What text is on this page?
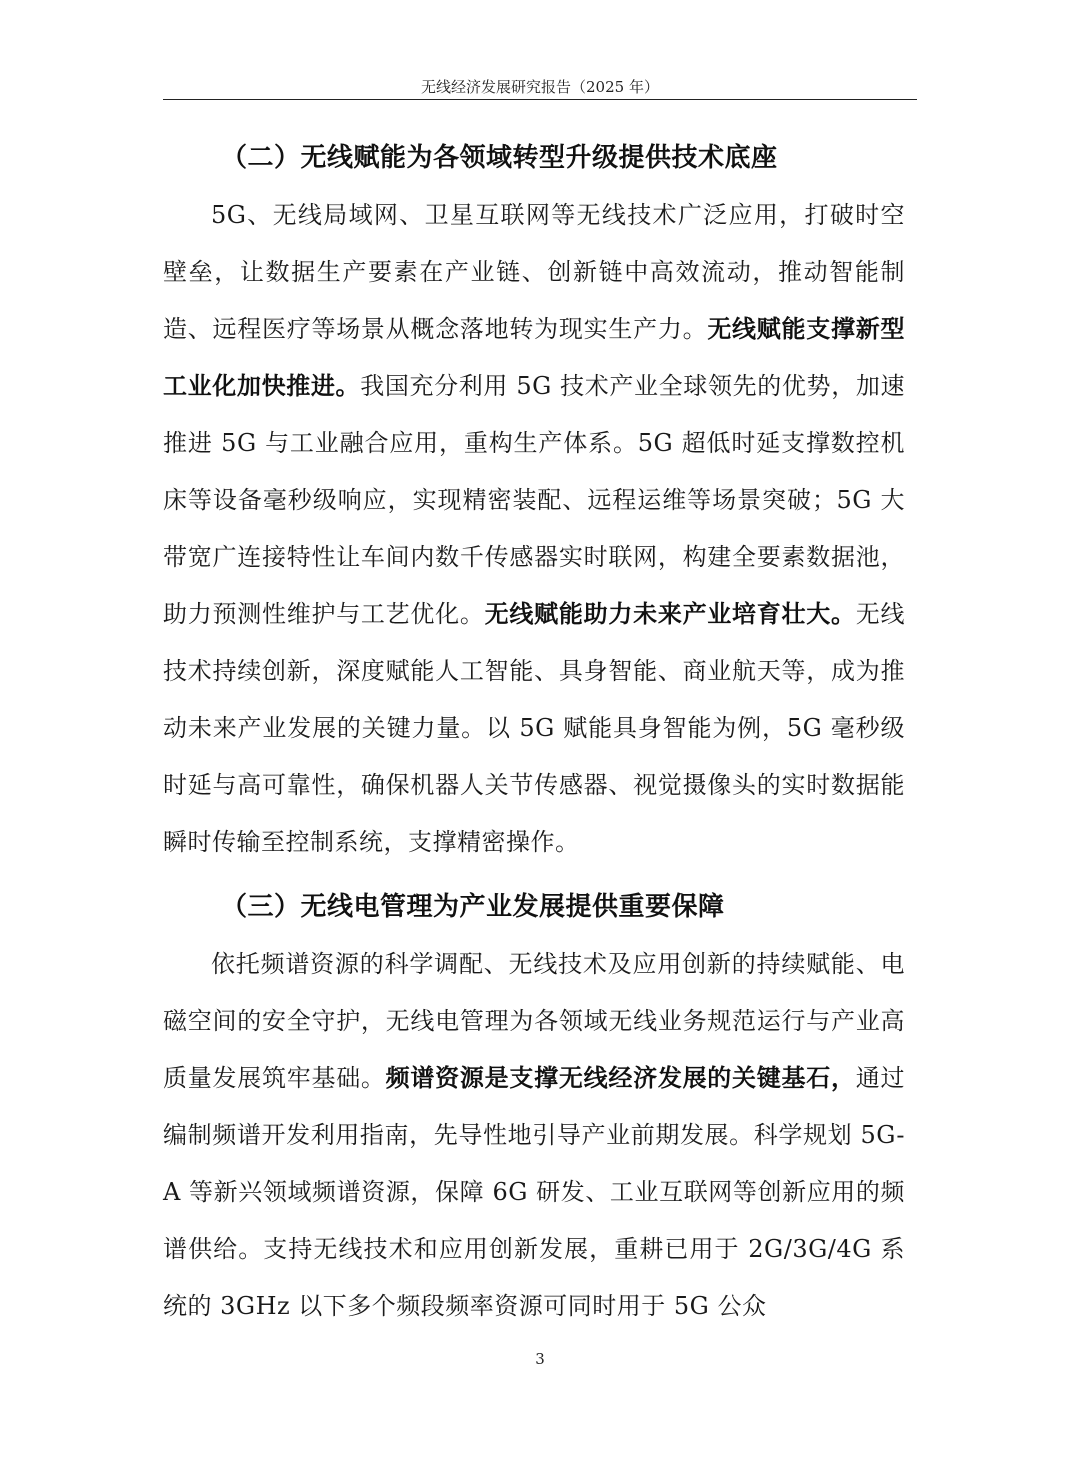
无线经济发展研究报告（2025 年）
（二）无线赋能为各领域转型升级提供技术底座

5G、无线局域网、卫星互联网等无线技术广泛应用，打破时空壁垒，让数据生产要素在产业链、创新链中高效流动，推动智能制造、远程医疗等场景从概念落地转为现实生产力。无线赋能支撑新型工业化加快推进。我国充分利用 5G 技术产业全球领先的优势，加速推进 5G 与工业融合应用，重构生产体系。5G 超低时延支撑数控机床等设备毫秒级响应，实现精密装配、远程运维等场景突破；5G 大带宽广连接特性让车间内数千传感器实时联网，构建全要素数据池，助力预测性维护与工艺优化。无线赋能助力未来产业培育壮大。无线技术持续创新，深度赋能人工智能、具身智能、商业航天等，成为推动未来产业发展的关键力量。以 5G 赋能具身智能为例，5G 毫秒级时延与高可靠性，确保机器人关节传感器、视觉摄像头的实时数据能瞬时传输至控制系统，支撑精密操作。

（三）无线电管理为产业发展提供重要保障

依托频谱资源的科学调配、无线技术及应用创新的持续赋能、电磁空间的安全守护，无线电管理为各领域无线业务规范运行与产业高质量发展筑牢基础。频谱资源是支撑无线经济发展的关键基石，通过编制频谱开发利用指南，先导性地引导产业前期发展。科学规划 5G-A 等新兴领域频谱资源，保障 6G 研发、工业互联网等创新应用的频谱供给。支持无线技术和应用创新发展，重耕已用于 2G/3G/4G 系统的 3GHz 以下多个频段频率资源可同时用于 5G 公众

3
